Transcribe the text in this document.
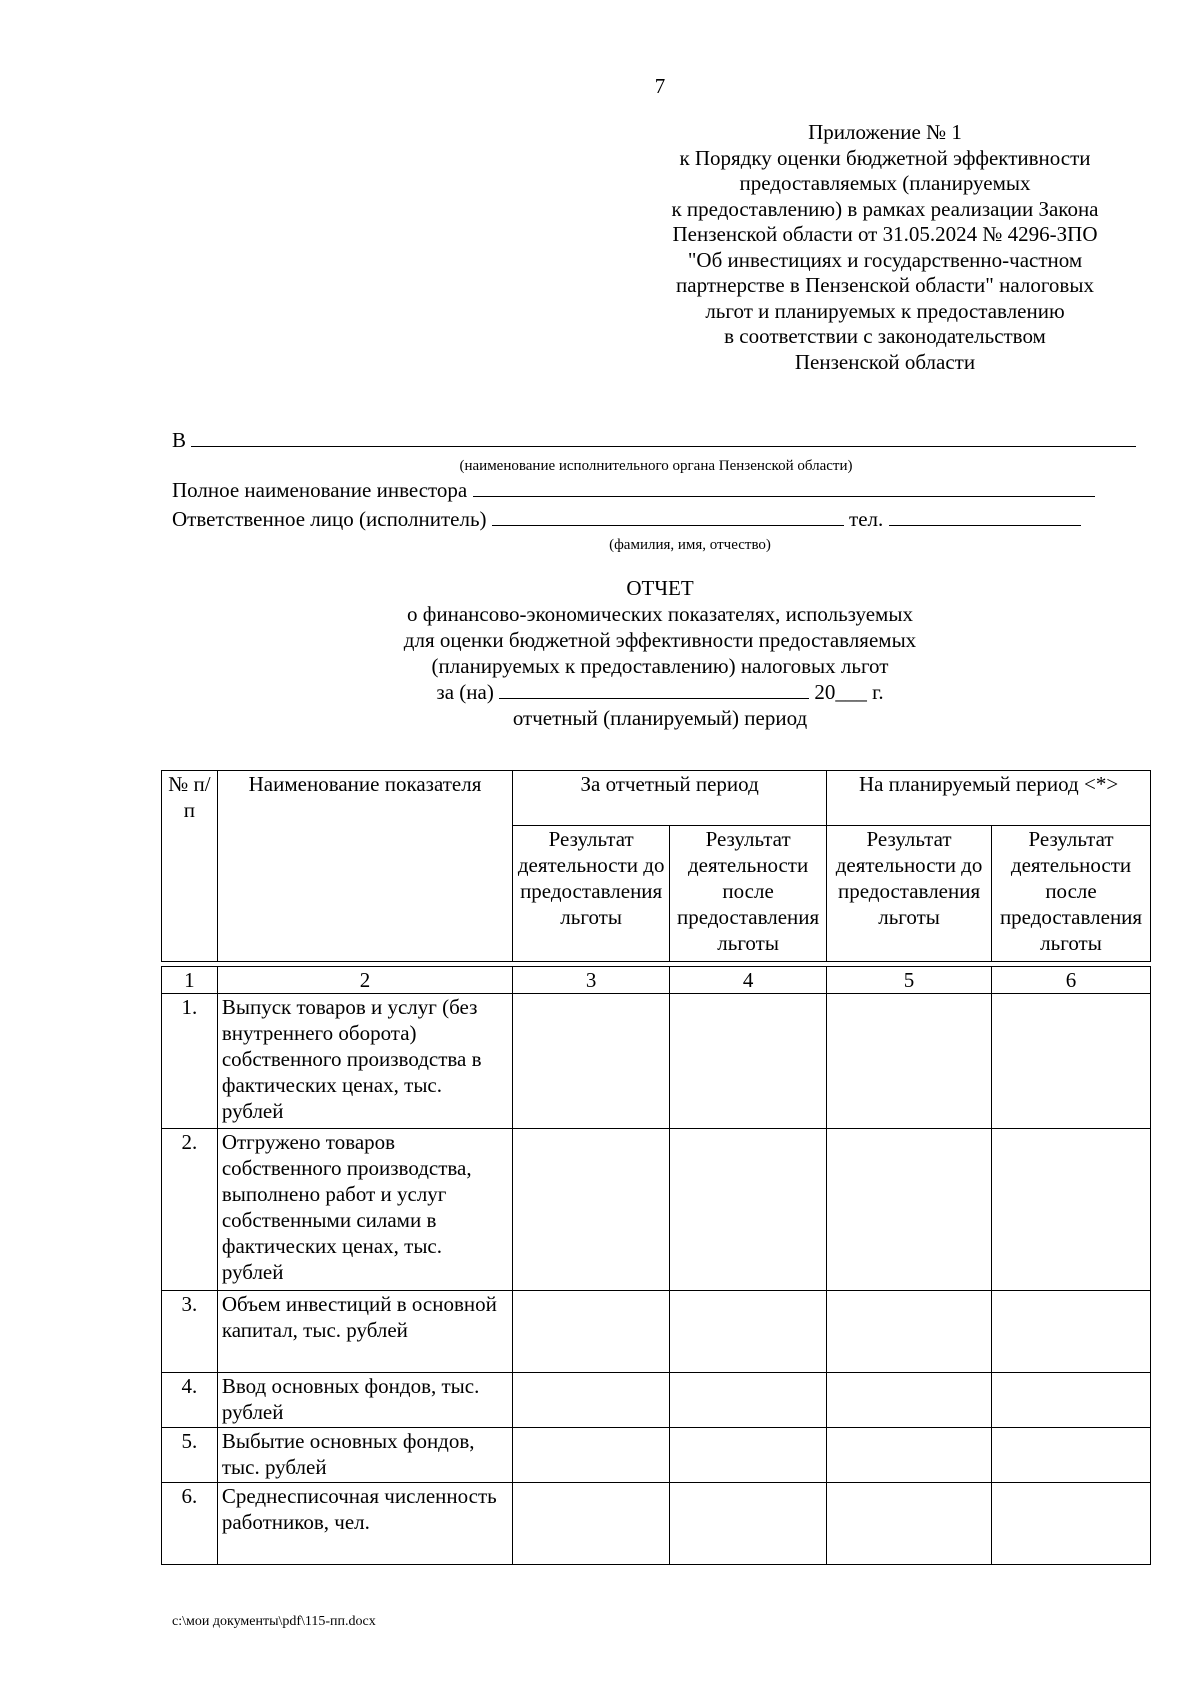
7
Приложение № 1
к Порядку оценки бюджетной эффективности
предоставляемых (планируемых
к предоставлению) в рамках реализации Закона
Пензенской области от 31.05.2024 № 4296-ЗПО
"Об инвестициях и государственно-частном
партнерстве в Пензенской области" налоговых
льгот и планируемых к предоставлению
в соответствии с законодательством
Пензенской области
В
(наименование исполнительного органа Пензенской области)
Полное наименование инвестора
Ответственное лицо (исполнитель)	тел.
(фамилия, имя, отчество)
ОТЧЕТ
о финансово-экономических показателях, используемых
для оценки бюджетной эффективности предоставляемых
(планируемых к предоставлению) налоговых льгот
за (на)	20___ г.
отчетный (планируемый) период
№ п/п	Наименование показателя	За отчетный период		На планируемый период <*>	
		Результат деятельности до предоставления льготы	Результат деятельности после предоставления льготы	Результат деятельности до предоставления льготы	Результат деятельности после предоставления льготы

1	2	3	4	5	6
1.	Выпуск товаров и услуг (без внутреннего оборота) собственного производства в фактических ценах, тыс. рублей				
2.	Отгружено товаров собственного производства, выполнено работ и услуг собственными силами в фактических ценах, тыс. рублей				
3.	Объем инвестиций в основной капитал, тыс. рублей				
4.	Ввод основных фондов, тыс. рублей				
5.	Выбытие основных фондов, тыс. рублей				
6.	Среднесписочная численность работников, чел.				
c:\мои документы\pdf\115-пп.docx
